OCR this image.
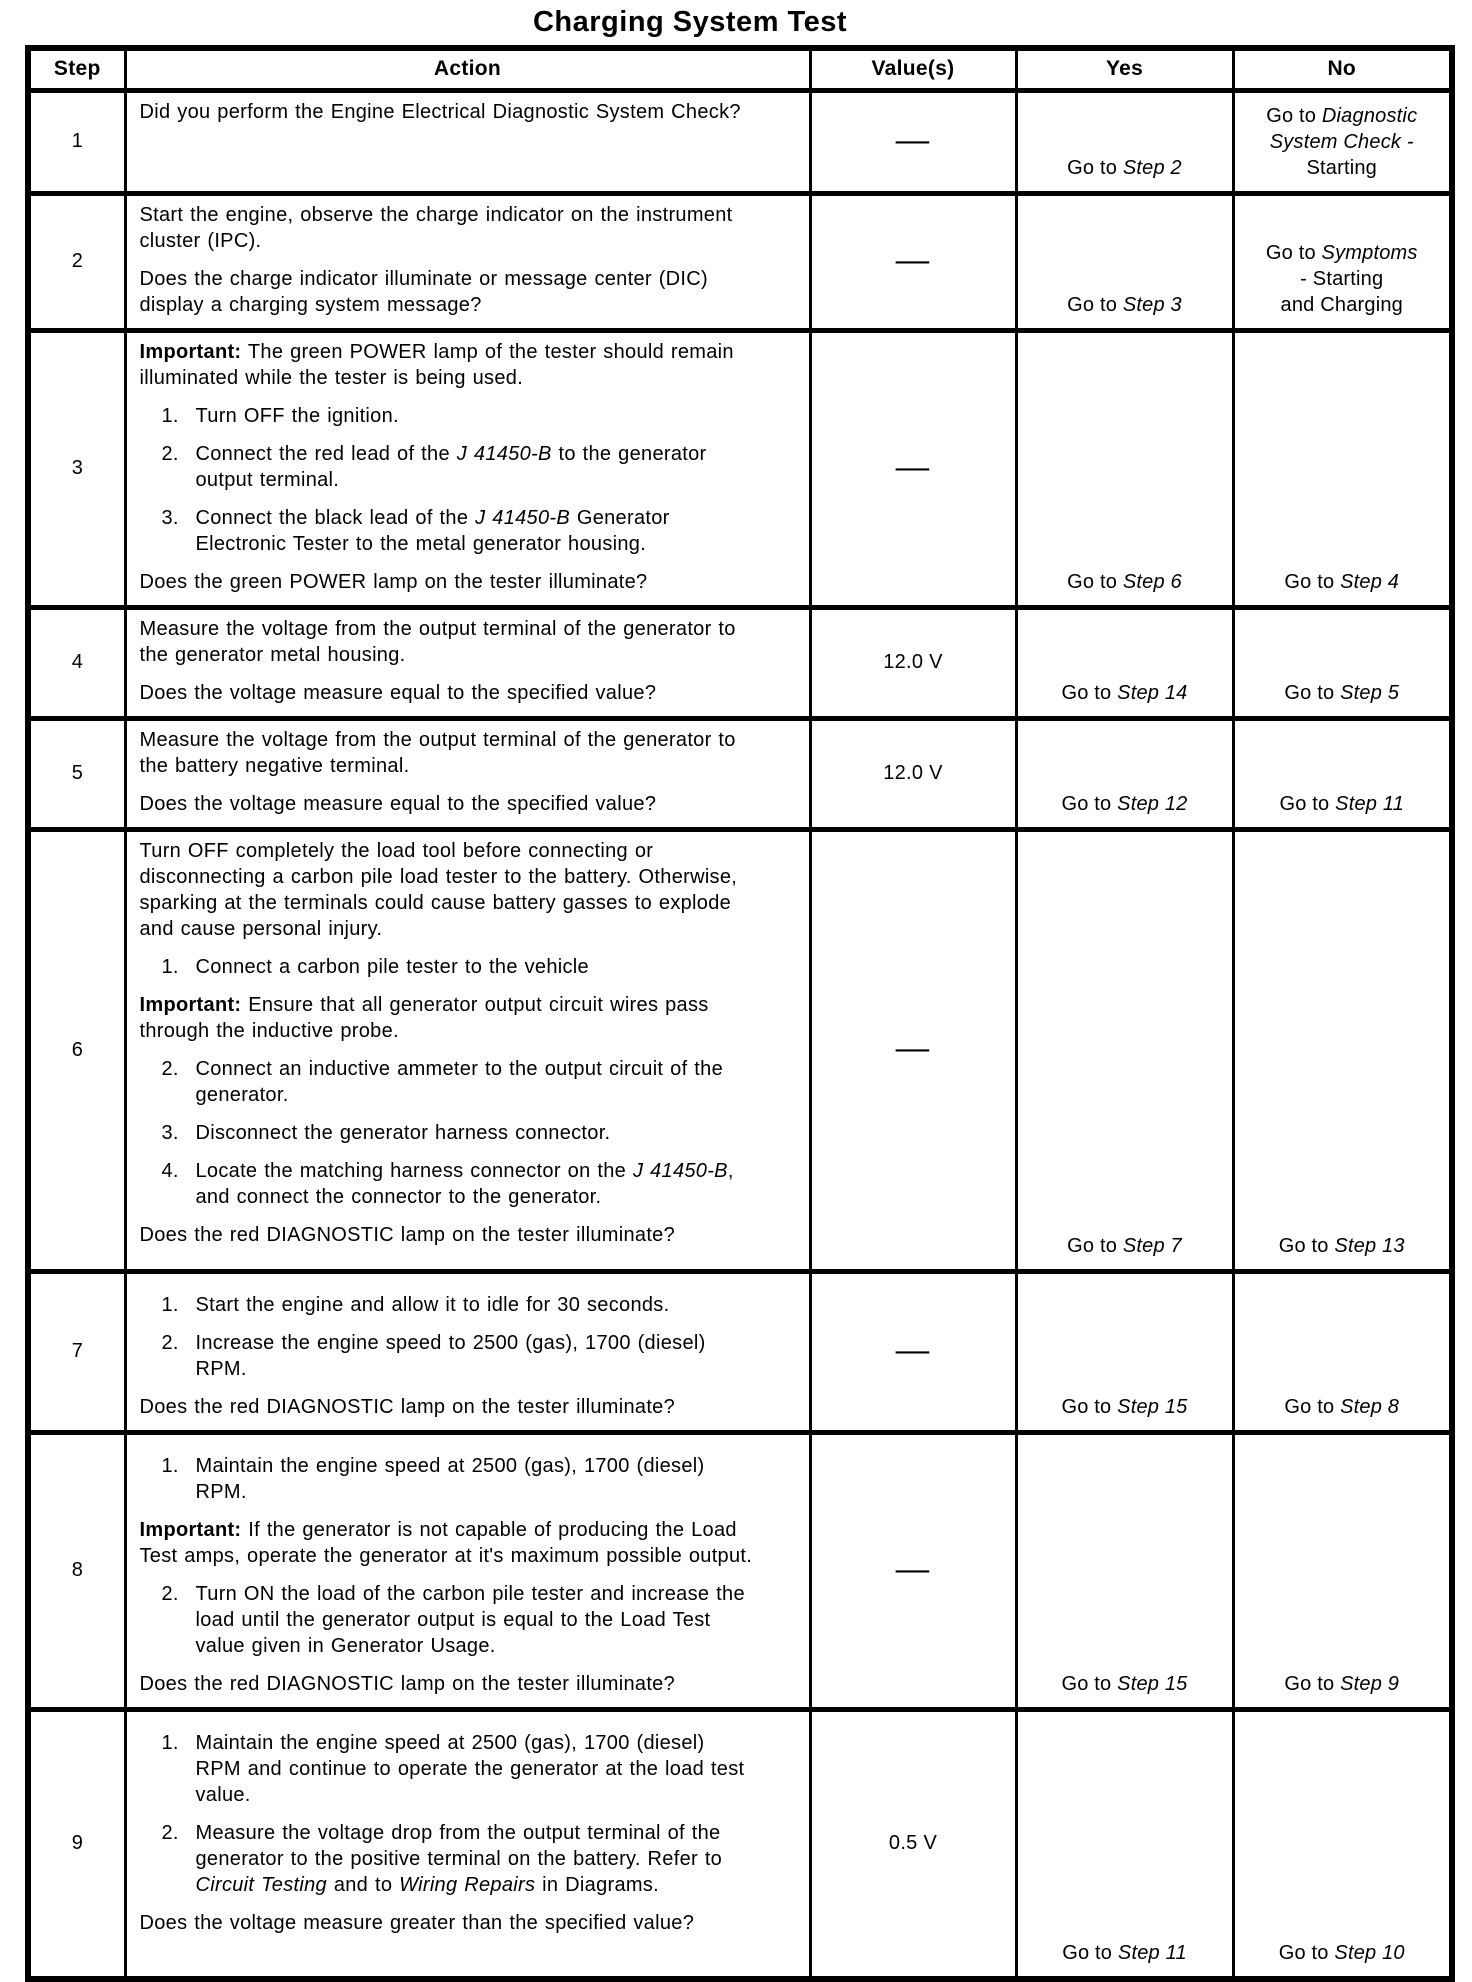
Charging System Test
Step	Action	Value(s)	Yes	No
1	Did you perform the Engine Electrical Diagnostic System Check?	—	Go to Step 2	Go to Diagnostic
System Check -
Starting
2	
Start the engine, observe the charge indicator on the instrument cluster (IPC).
Does the charge indicator illuminate or message center (DIC) display a charging system message?
	—	Go to Step 3	Go to Symptoms
- Starting
and Charging
3	
Important: The green POWER lamp of the tester should remain illuminated while the tester is being used.
1. Turn OFF the ignition.
2. Connect the red lead of the J 41450-B to the generator output terminal.
3. Connect the black lead of the J 41450-B Generator Electronic Tester to the metal generator housing.
Does the green POWER lamp on the tester illuminate?
	—	Go to Step 6	Go to Step 4
4	Measure the voltage from the output terminal of the generator to the generator metal housing.
Does the voltage measure equal to the specified value?	12.0 V	Go to Step 14	Go to Step 5
5	Measure the voltage from the output terminal of the generator to the battery negative terminal.
Does the voltage measure equal to the specified value?	12.0 V	Go to Step 12	Go to Step 11
6	
Turn OFF completely the load tool before connecting or disconnecting a carbon pile load tester to the battery. Otherwise, sparking at the terminals could cause battery gasses to explode and cause personal injury.
1. Connect a carbon pile tester to the vehicle
Important: Ensure that all generator output circuit wires pass through the inductive probe.
2. Connect an inductive ammeter to the output circuit of the generator.
3. Disconnect the generator harness connector.
4. Locate the matching harness connector on the J 41450-B, and connect the connector to the generator.
Does the red DIAGNOSTIC lamp on the tester illuminate?
	—	Go to Step 7	Go to Step 13
7	1. Start the engine and allow it to idle for 30 seconds.
2. Increase the engine speed to 2500 (gas), 1700 (diesel) RPM.
Does the red DIAGNOSTIC lamp on the tester illuminate?	—	Go to Step 15	Go to Step 8
8	
1. Maintain the engine speed at 2500 (gas), 1700 (diesel) RPM.
Important: If the generator is not capable of producing the Load Test amps, operate the generator at it's maximum possible output.
2. Turn ON the load of the carbon pile tester and increase the load until the generator output is equal to the Load Test value given in Generator Usage.
Does the red DIAGNOSTIC lamp on the tester illuminate?
	—	Go to Step 15	Go to Step 9
9	1. Maintain the engine speed at 2500 (gas), 1700 (diesel) RPM and continue to operate the generator at the load test value.
2. Measure the voltage drop from the output terminal of the generator to the positive terminal on the battery. Refer to Circuit Testing and to Wiring Repairs in Diagrams.
Does the voltage measure greater than the specified value?	0.5 V	Go to Step 11	Go to Step 10
